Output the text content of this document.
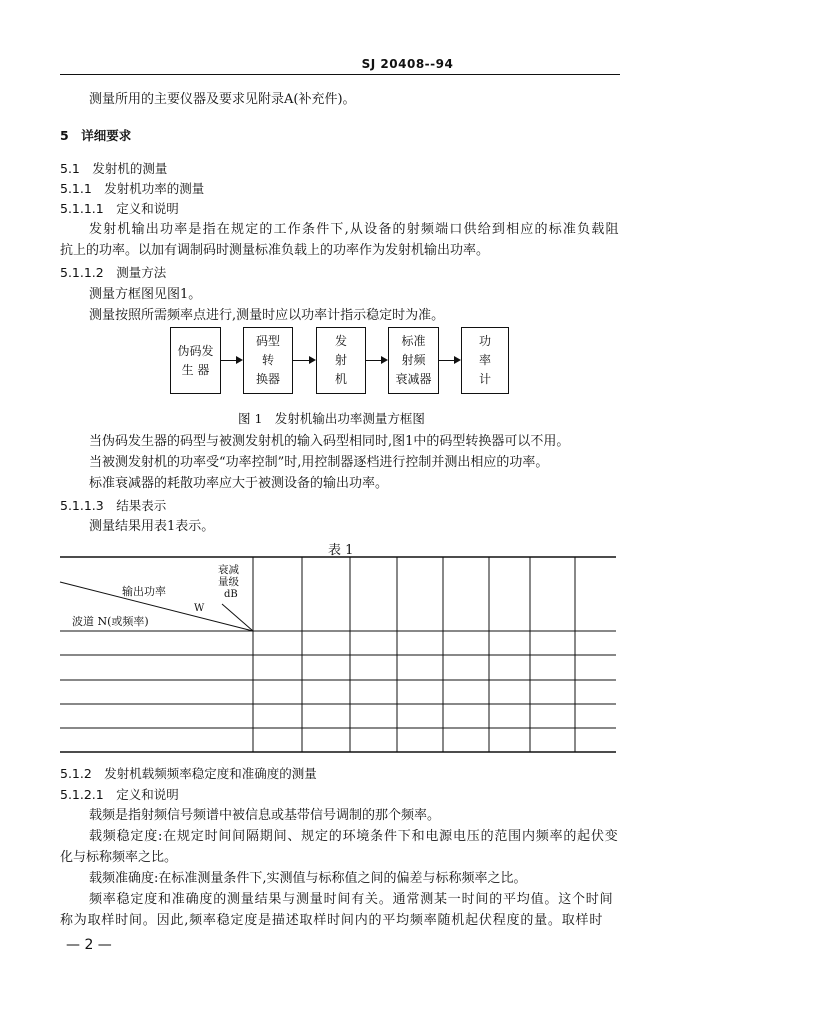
SJ 20408--94
测量所用的主要仪器及要求见附录A(补充件)。
5　详细要求
5.1　发射机的测量
5.1.1　发射机功率的测量
5.1.1.1　定义和说明
发射机输出功率是指在规定的工作条件下,从设备的射频端口供给到相应的标准负载阻
抗上的功率。以加有调制码时测量标准负载上的功率作为发射机输出功率。
5.1.1.2　测量方法
测量方框图见图1。
测量按照所需频率点进行,测量时应以功率计指示稳定时为准。
伪码发
生 器
码型
转
换器
发
射
机
标准
射频
衰减器
功
率
计
图 1　发射机输出功率测量方框图
当伪码发生器的码型与被测发射机的输入码型相同时,图1中的码型转换器可以不用。
当被测发射机的功率受“功率控制”时,用控制器逐档进行控制并测出相应的功率。
标准衰减器的耗散功率应大于被测设备的输出功率。
5.1.1.3　结果表示
测量结果用表1表示。
表 1
衰减
量级
dB
输出功率
W
波道 N(或频率)
5.1.2　发射机载频频率稳定度和准确度的测量
5.1.2.1　定义和说明
载频是指射频信号频谱中被信息或基带信号调制的那个频率。
载频稳定度:在规定时间间隔期间、规定的环境条件下和电源电压的范围内频率的起伏变
化与标称频率之比。
载频准确度:在标准测量条件下,实测值与标称值之间的偏差与标称频率之比。
频率稳定度和准确度的测量结果与测量时间有关。通常测某一时间的平均值。这个时间
称为取样时间。因此,频率稳定度是描述取样时间内的平均频率随机起伏程度的量。取样时
— 2 —
